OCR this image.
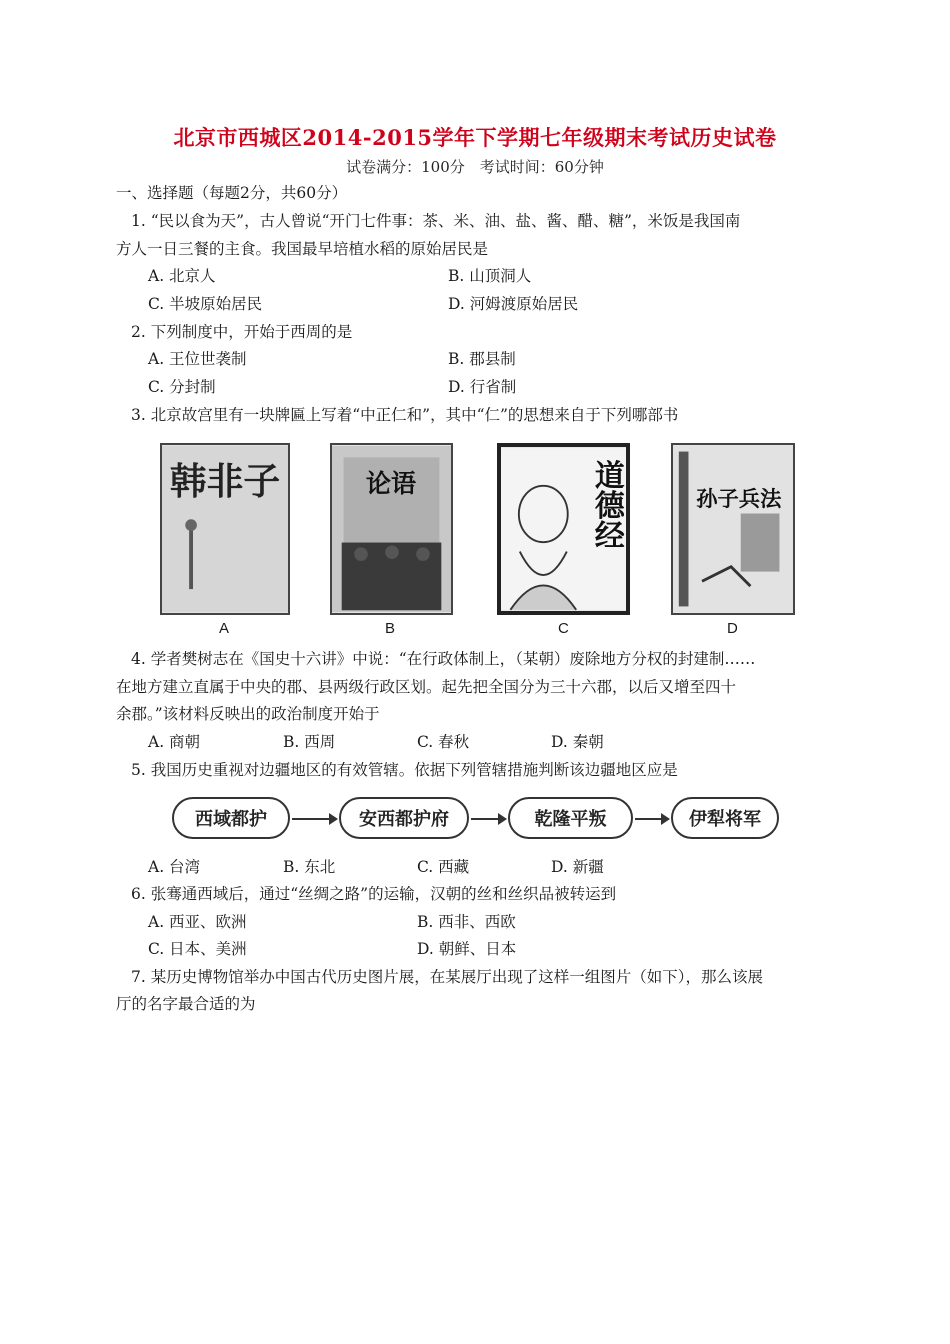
北京市西城区2014-2015学年下学期七年级期末考试历史试卷
试卷满分：100分　考试时间：60分钟
一、选择题（每题2分，共60分）
1. “民以食为天”，古人曾说“开门七件事：茶、米、油、盐、酱、醋、糖”，米饭是我国南
方人一日三餐的主食。我国最早培植水稻的原始居民是
A. 北京人	B. 山顶洞人
C. 半坡原始居民	D. 河姆渡原始居民
2. 下列制度中，开始于西周的是
A. 王位世袭制	B. 郡县制
C. 分封制	D. 行省制
3. 北京故宫里有一块牌匾上写着“中正仁和”，其中“仁”的思想来自于下列哪部书
韩非子
A
论语
B
道德经
C
孙子兵法
D
4. 学者樊树志在《国史十六讲》中说：“在行政体制上，（某朝）废除地方分权的封建制……
在地方建立直属于中央的郡、县两级行政区划。起先把全国分为三十六郡，以后又增至四十
余郡。”该材料反映出的政治制度开始于
A. 商朝	B. 西周	C. 春秋	D. 秦朝
5. 我国历史重视对边疆地区的有效管辖。依据下列管辖措施判断该边疆地区应是
西域都护	安西都护府	乾隆平叛	伊犁将军
A. 台湾	B. 东北	C. 西藏	D. 新疆
6. 张骞通西域后，通过“丝绸之路”的运输，汉朝的丝和丝织品被转运到
A. 西亚、欧洲	B. 西非、西欧
C. 日本、美洲	D. 朝鲜、日本
7. 某历史博物馆举办中国古代历史图片展，在某展厅出现了这样一组图片（如下），那么该展
厅的名字最合适的为
